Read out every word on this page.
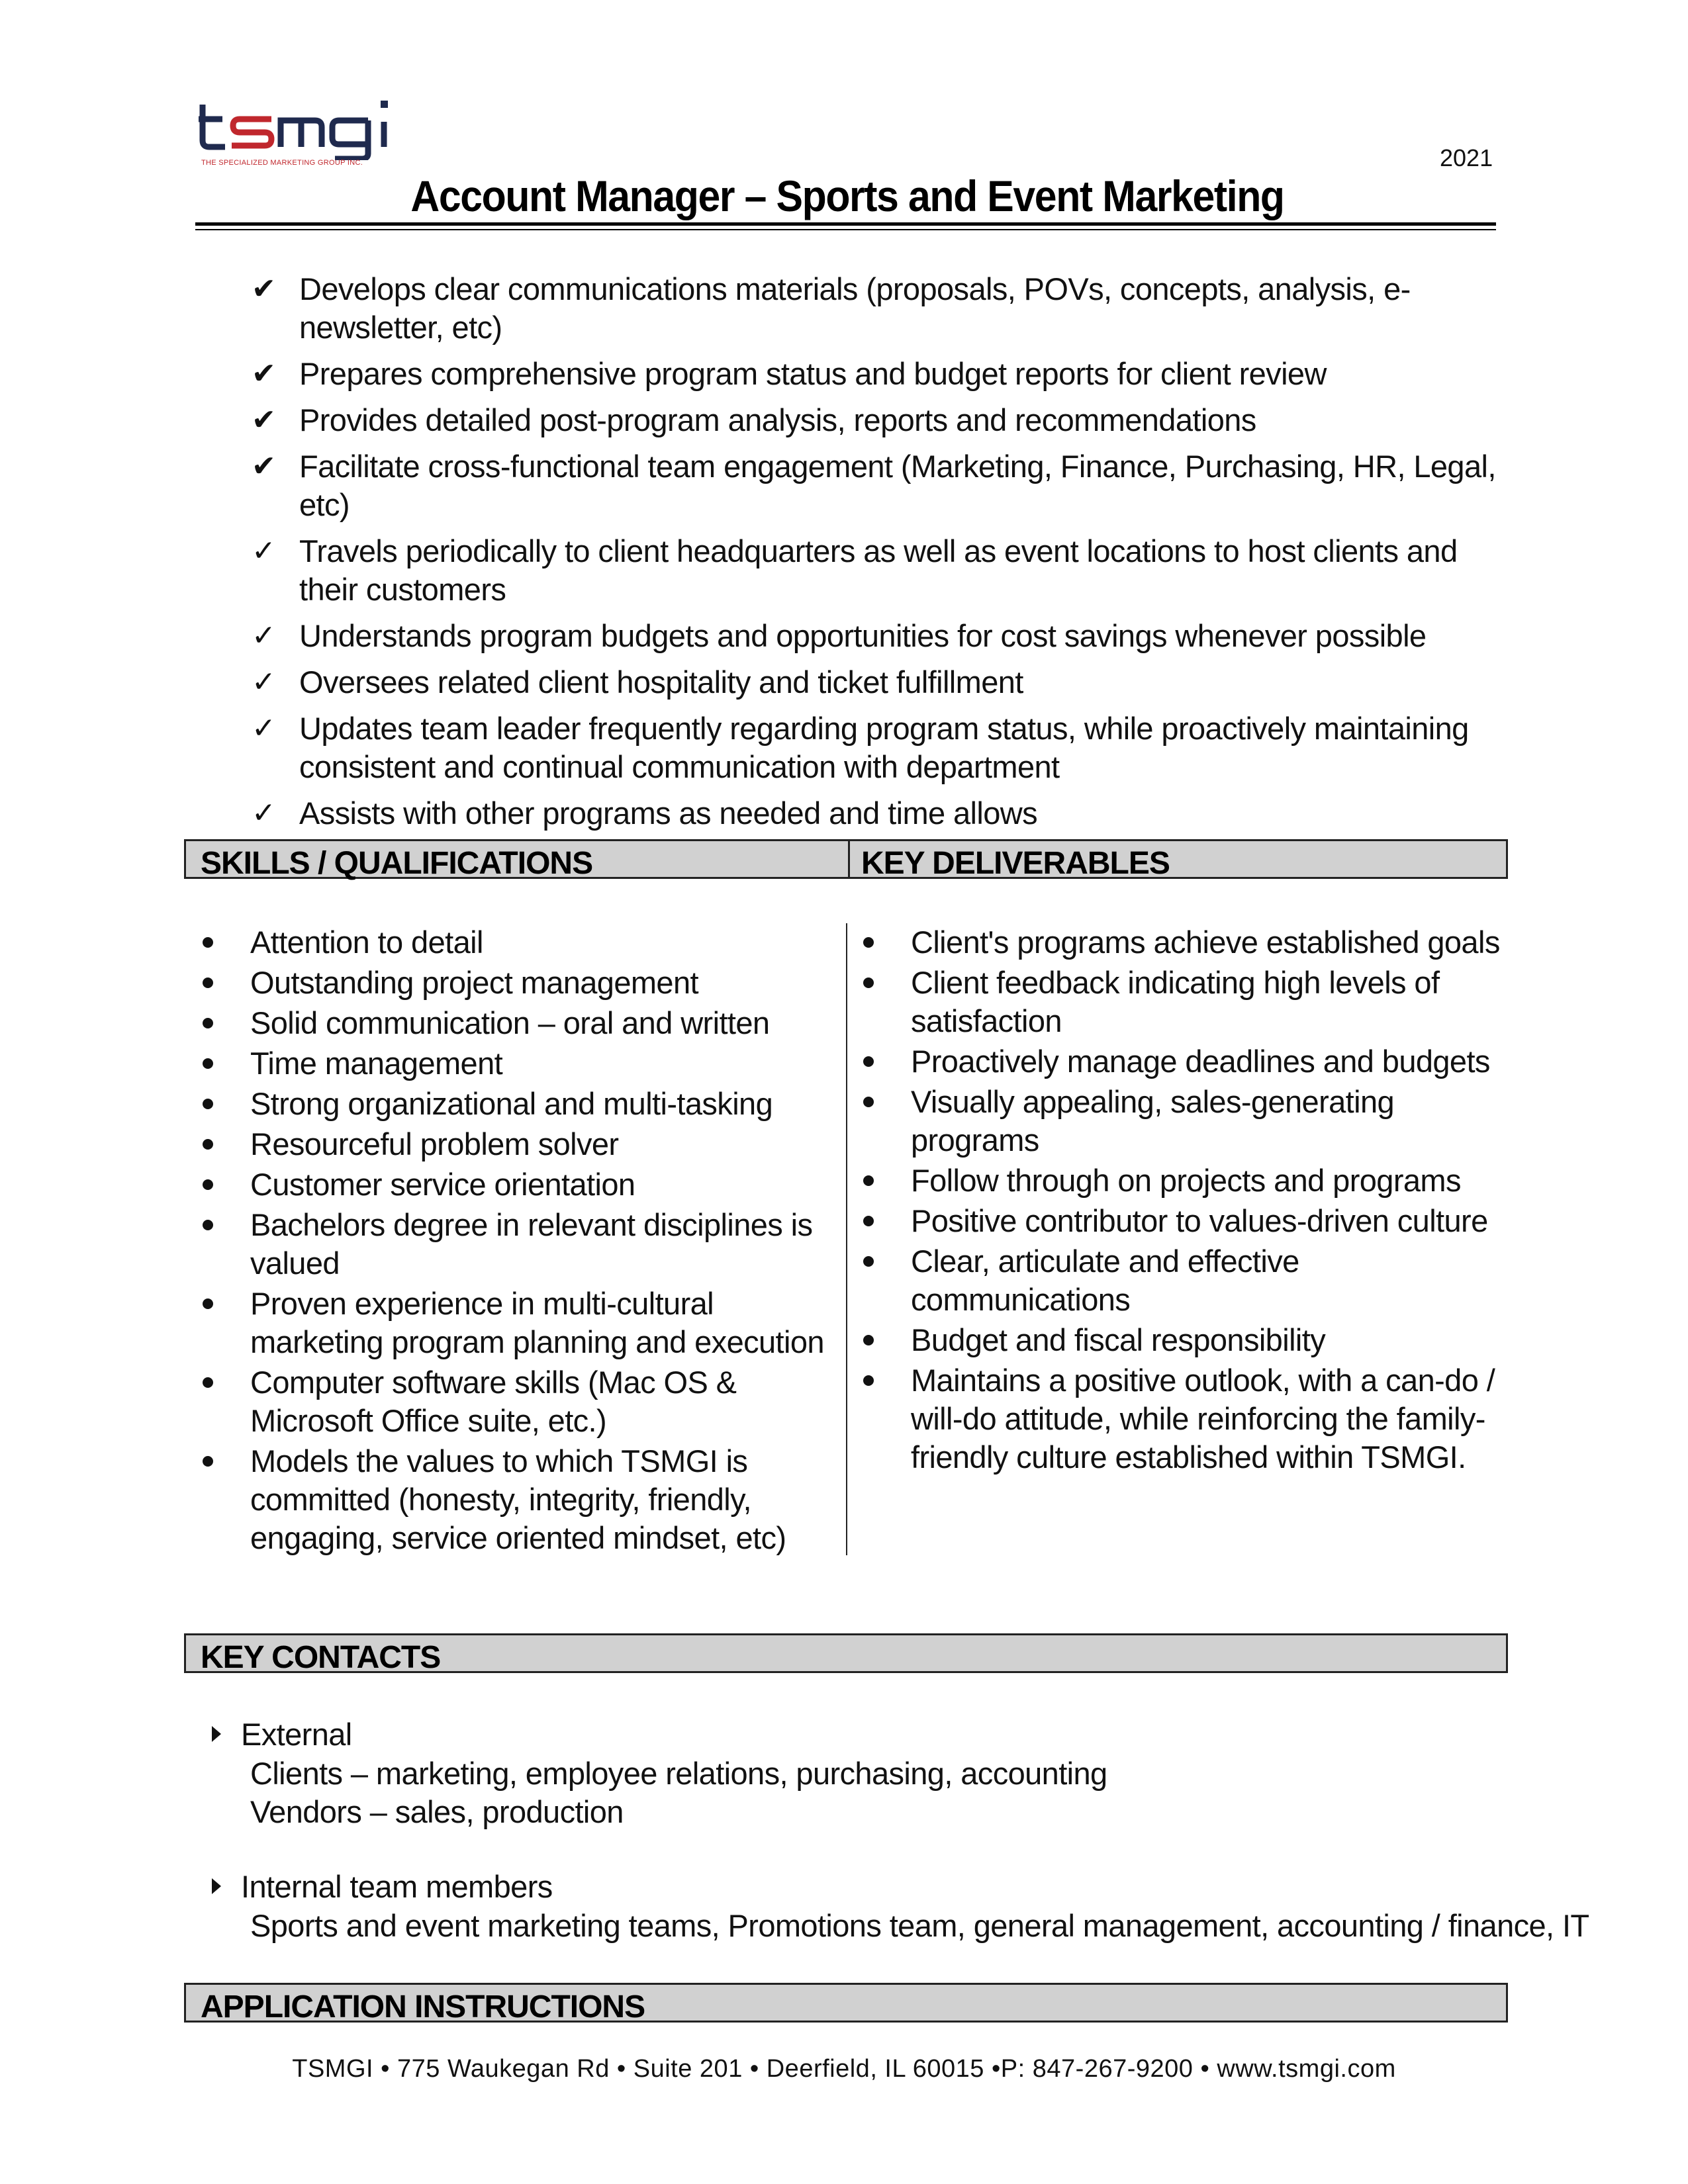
THE SPECIALIZED MARKETING GROUP INC.	2021
Account Manager – Sports and Event Marketing
✔ Develops clear communications materials (proposals, POVs, concepts, analysis, e-newsletter, etc)
✔ Prepares comprehensive program status and budget reports for client review
✔ Provides detailed post-program analysis, reports and recommendations
✔ Facilitate cross-functional team engagement (Marketing, Finance, Purchasing, HR, Legal, etc)
✓ Travels periodically to client headquarters as well as event locations to host clients and their customers
✓ Understands program budgets and opportunities for cost savings whenever possible
✓ Oversees related client hospitality and ticket fulfillment
✓ Updates team leader frequently regarding program status, while proactively maintaining consistent and continual communication with department
✓ Assists with other programs as needed and time allows
SKILLS / QUALIFICATIONS	KEY DELIVERABLES
Attention to detail
Outstanding project management
Solid communication – oral and written
Time management
Strong organizational and multi-tasking
Resourceful problem solver
Customer service orientation
Bachelors degree in relevant disciplines is valued
Proven experience in multi-cultural marketing program planning and execution
Computer software skills (Mac OS & Microsoft Office suite, etc.)
Models the values to which TSMGI is committed (honesty, integrity, friendly, engaging, service oriented mindset, etc)
Client's programs achieve established goals
Client feedback indicating high levels of satisfaction
Proactively manage deadlines and budgets
Visually appealing, sales-generating programs
Follow through on projects and programs
Positive contributor to values-driven culture
Clear, articulate and effective communications
Budget and fiscal responsibility
Maintains a positive outlook, with a can-do / will-do attitude, while reinforcing the family-friendly culture established within TSMGI.
KEY CONTACTS
External
Clients – marketing, employee relations, purchasing, accounting
Vendors – sales, production
Internal team members
Sports and event marketing teams, Promotions team, general management, accounting / finance, IT
APPLICATION INSTRUCTIONS
TSMGI • 775 Waukegan Rd • Suite 201 • Deerfield, IL 60015 •P: 847-267-9200 • www.tsmgi.com
